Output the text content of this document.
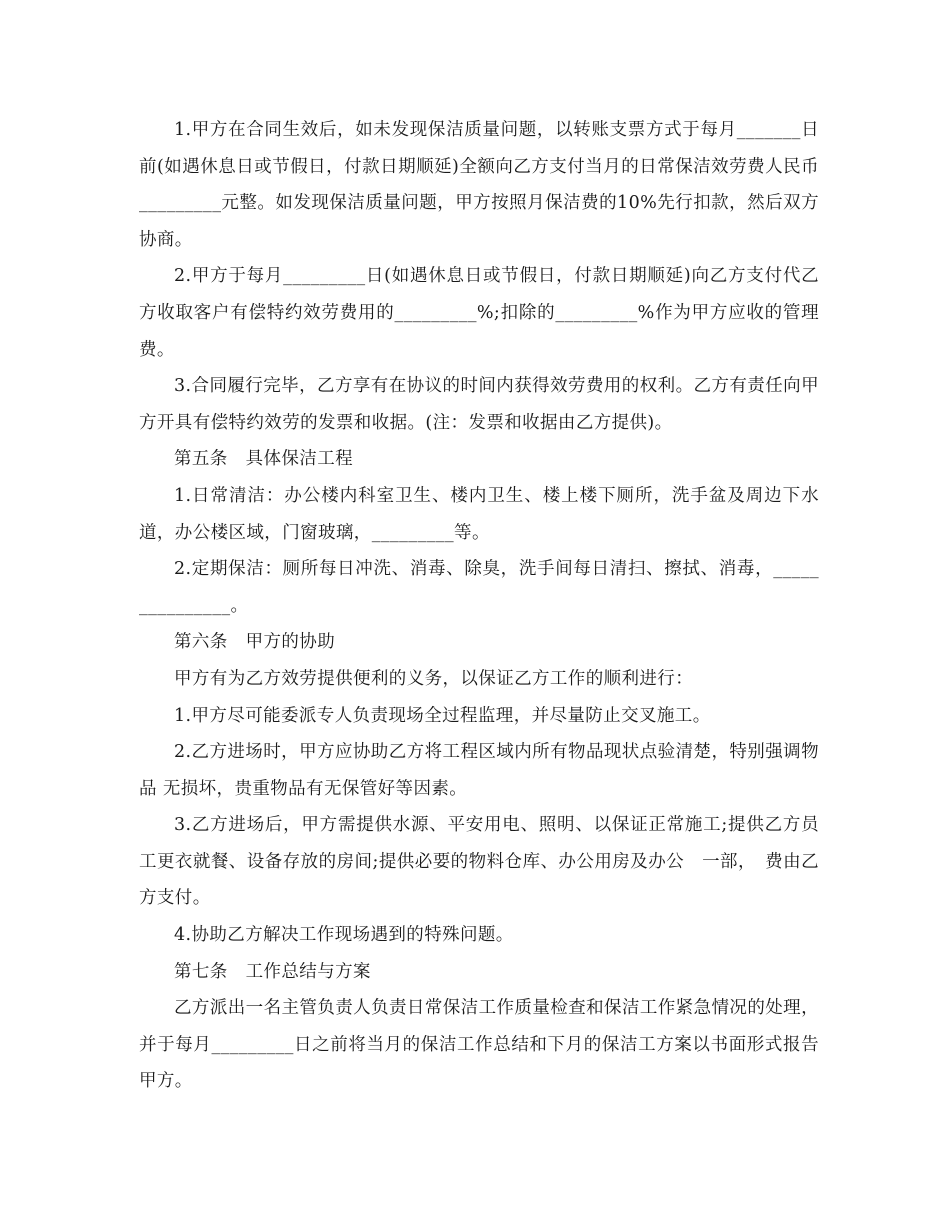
1.甲方在合同生效后，如未发现保洁质量问题，以转账支票方式于每月_______日前(如遇休息日或节假日，付款日期顺延)全额向乙方支付当月的日常保洁效劳费人民币_________元整。如发现保洁质量问题，甲方按照月保洁费的10%先行扣款，然后双方协商。

2.甲方于每月_________日(如遇休息日或节假日，付款日期顺延)向乙方支付代乙方收取客户有偿特约效劳费用的_________%;扣除的_________%作为甲方应收的管理费。

3.合同履行完毕，乙方享有在协议的时间内获得效劳费用的权利。乙方有责任向甲方开具有偿特约效劳的发票和收据。(注：发票和收据由乙方提供)。

第五条　具体保洁工程

1.日常清洁：办公楼内科室卫生、楼内卫生、楼上楼下厕所，洗手盆及周边下水道，办公楼区域，门窗玻璃，_________等。

2.定期保洁：厕所每日冲洗、消毒、除臭，洗手间每日清扫、擦拭、消毒，_______________。

第六条　甲方的协助

甲方有为乙方效劳提供便利的义务，以保证乙方工作的顺利进行：

1.甲方尽可能委派专人负责现场全过程监理，并尽量防止交叉施工。

2.乙方进场时，甲方应协助乙方将工程区域内所有物品现状点验清楚，特别强调物品 无损坏，贵重物品有无保管好等因素。

3.乙方进场后，甲方需提供水源、平安用电、照明、以保证正常施工;提供乙方员工更衣就餐、设备存放的房间;提供必要的物料仓库、办公用房及办公　一部，　费由乙方支付。

4.协助乙方解决工作现场遇到的特殊问题。

第七条　工作总结与方案

乙方派出一名主管负责人负责日常保洁工作质量检查和保洁工作紧急情况的处理，并于每月_________日之前将当月的保洁工作总结和下月的保洁工方案以书面形式报告甲方。
